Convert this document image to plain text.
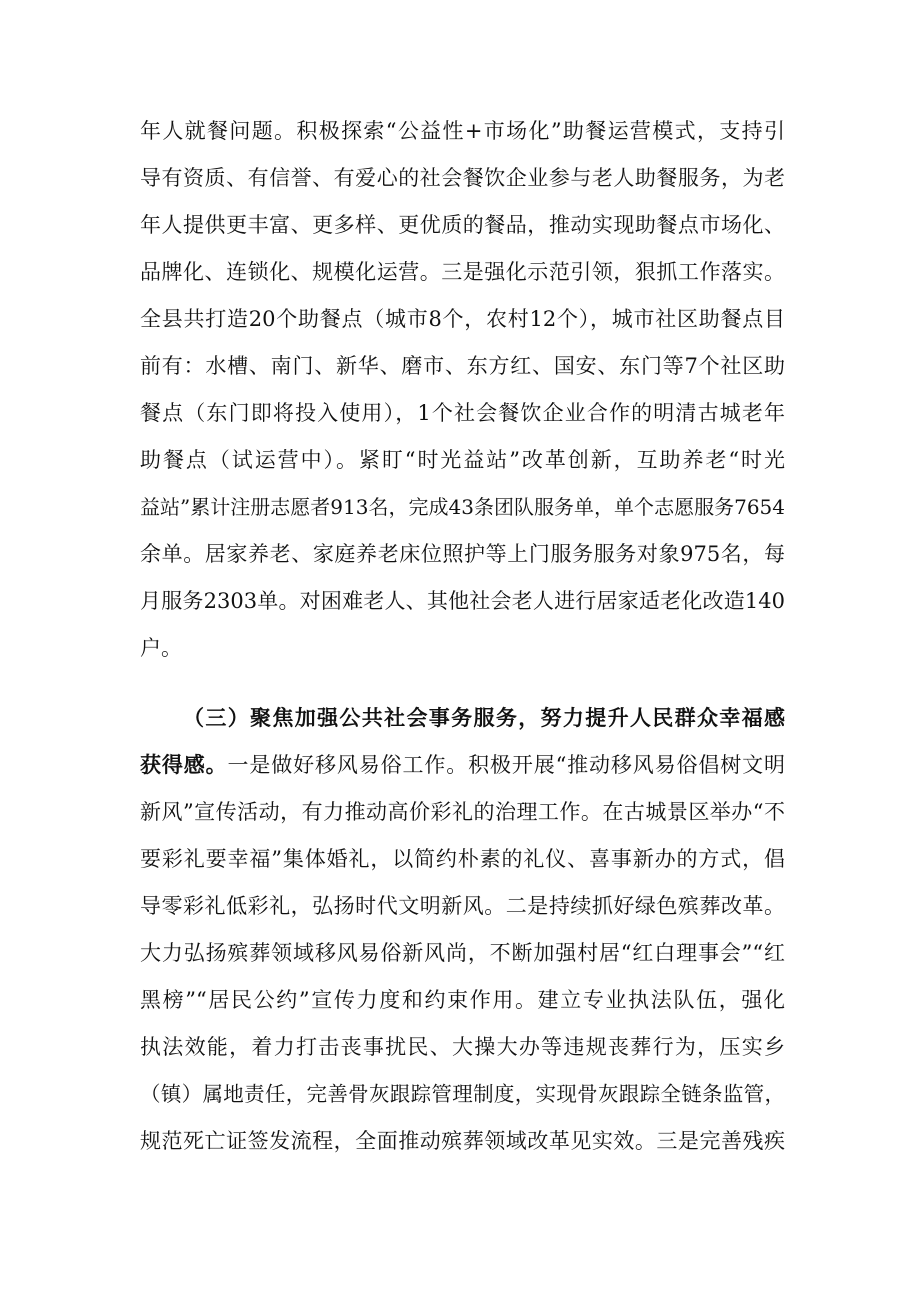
年人就餐问题。积极探索“公益性+市场化”助餐运营模式，支持引
导有资质、有信誉、有爱心的社会餐饮企业参与老人助餐服务，为老
年人提供更丰富、更多样、更优质的餐品，推动实现助餐点市场化、
品牌化、连锁化、规模化运营。三是强化示范引领，狠抓工作落实。
全县共打造20个助餐点（城市8个，农村12个），城市社区助餐点目
前有：水槽、南门、新华、磨市、东方红、国安、东门等7个社区助
餐点（东门即将投入使用），1个社会餐饮企业合作的明清古城老年
助餐点（试运营中）。紧盯“时光益站”改革创新，互助养老“时光
益站”累计注册志愿者913名，完成43条团队服务单，单个志愿服务7654
余单。居家养老、家庭养老床位照护等上门服务服务对象975名，每
月服务2303单。对困难老人、其他社会老人进行居家适老化改造140
户。
（三）聚焦加强公共社会事务服务，努力提升人民群众幸福感
获得感。一是做好移风易俗工作。积极开展“推动移风易俗倡树文明
新风”宣传活动，有力推动高价彩礼的治理工作。在古城景区举办“不
要彩礼要幸福”集体婚礼，以简约朴素的礼仪、喜事新办的方式，倡
导零彩礼低彩礼，弘扬时代文明新风。二是持续抓好绿色殡葬改革。
大力弘扬殡葬领域移风易俗新风尚，不断加强村居“红白理事会”“红
黑榜”“居民公约”宣传力度和约束作用。建立专业执法队伍，强化
执法效能，着力打击丧事扰民、大操大办等违规丧葬行为，压实乡
（镇）属地责任，完善骨灰跟踪管理制度，实现骨灰跟踪全链条监管，
规范死亡证签发流程，全面推动殡葬领域改革见实效。三是完善残疾
